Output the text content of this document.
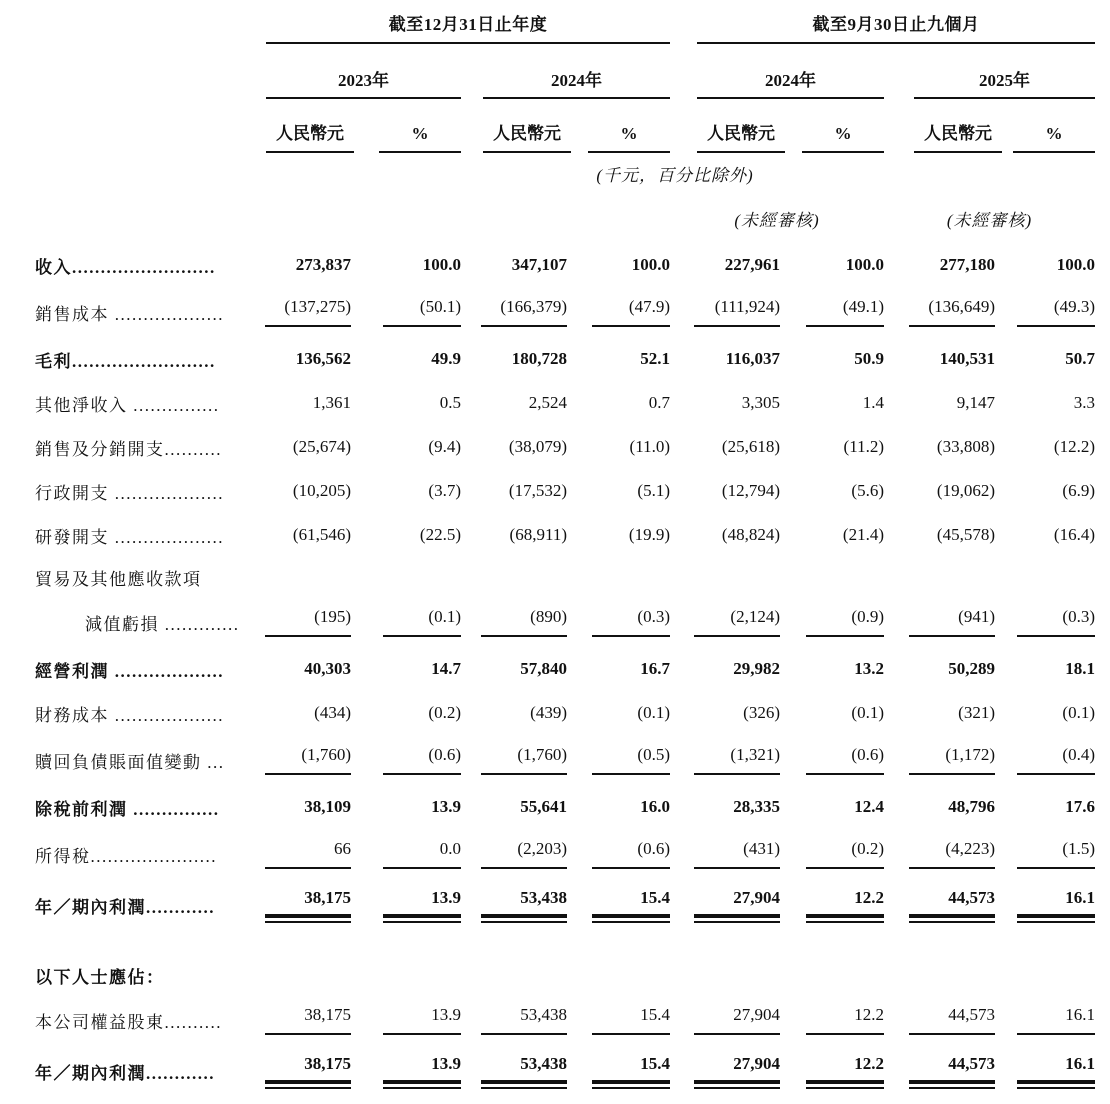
	截至12月31日止年度				截至9月30日止九個月			

	2023年		2024年		2024年		2025年	

	人民幣元	%	人民幣元	%	人民幣元	%	人民幣元	%

	(千元，百分比除外)							
					(未經審核)		(未經審核)	
收入.........................	273,837	100.0	347,107	100.0	227,961	100.0	277,180	100.0

銷售成本 ...................	(137,275)	(50.1)	(166,379)	(47.9)	(111,924)	(49.1)	(136,649)	(49.3)

毛利.........................	136,562	49.9	180,728	52.1	116,037	50.9	140,531	50.7

其他淨收入 ...............	1,361	0.5	2,524	0.7	3,305	1.4	9,147	3.3

銷售及分銷開支..........	(25,674)	(9.4)	(38,079)	(11.0)	(25,618)	(11.2)	(33,808)	(12.2)

行政開支 ...................	(10,205)	(3.7)	(17,532)	(5.1)	(12,794)	(5.6)	(19,062)	(6.9)

研發開支 ...................	(61,546)	(22.5)	(68,911)	(19.9)	(48,824)	(21.4)	(45,578)	(16.4)

貿易及其他應收款項								
減值虧損 .............	(195)	(0.1)	(890)	(0.3)	(2,124)	(0.9)	(941)	(0.3)

經營利潤 ...................	40,303	14.7	57,840	16.7	29,982	13.2	50,289	18.1

財務成本 ...................	(434)	(0.2)	(439)	(0.1)	(326)	(0.1)	(321)	(0.1)

贖回負債賬面值變動 ...	(1,760)	(0.6)	(1,760)	(0.5)	(1,321)	(0.6)	(1,172)	(0.4)

除稅前利潤 ...............	38,109	13.9	55,641	16.0	28,335	12.4	48,796	17.6

所得稅......................	66	0.0	(2,203)	(0.6)	(431)	(0.2)	(4,223)	(1.5)

年／期內利潤............	38,175	13.9	53,438	15.4	27,904	12.2	44,573	16.1

以下人士應佔：								
本公司權益股東..........	38,175	13.9	53,438	15.4	27,904	12.2	44,573	16.1

年／期內利潤............	38,175	13.9	53,438	15.4	27,904	12.2	44,573	16.1
